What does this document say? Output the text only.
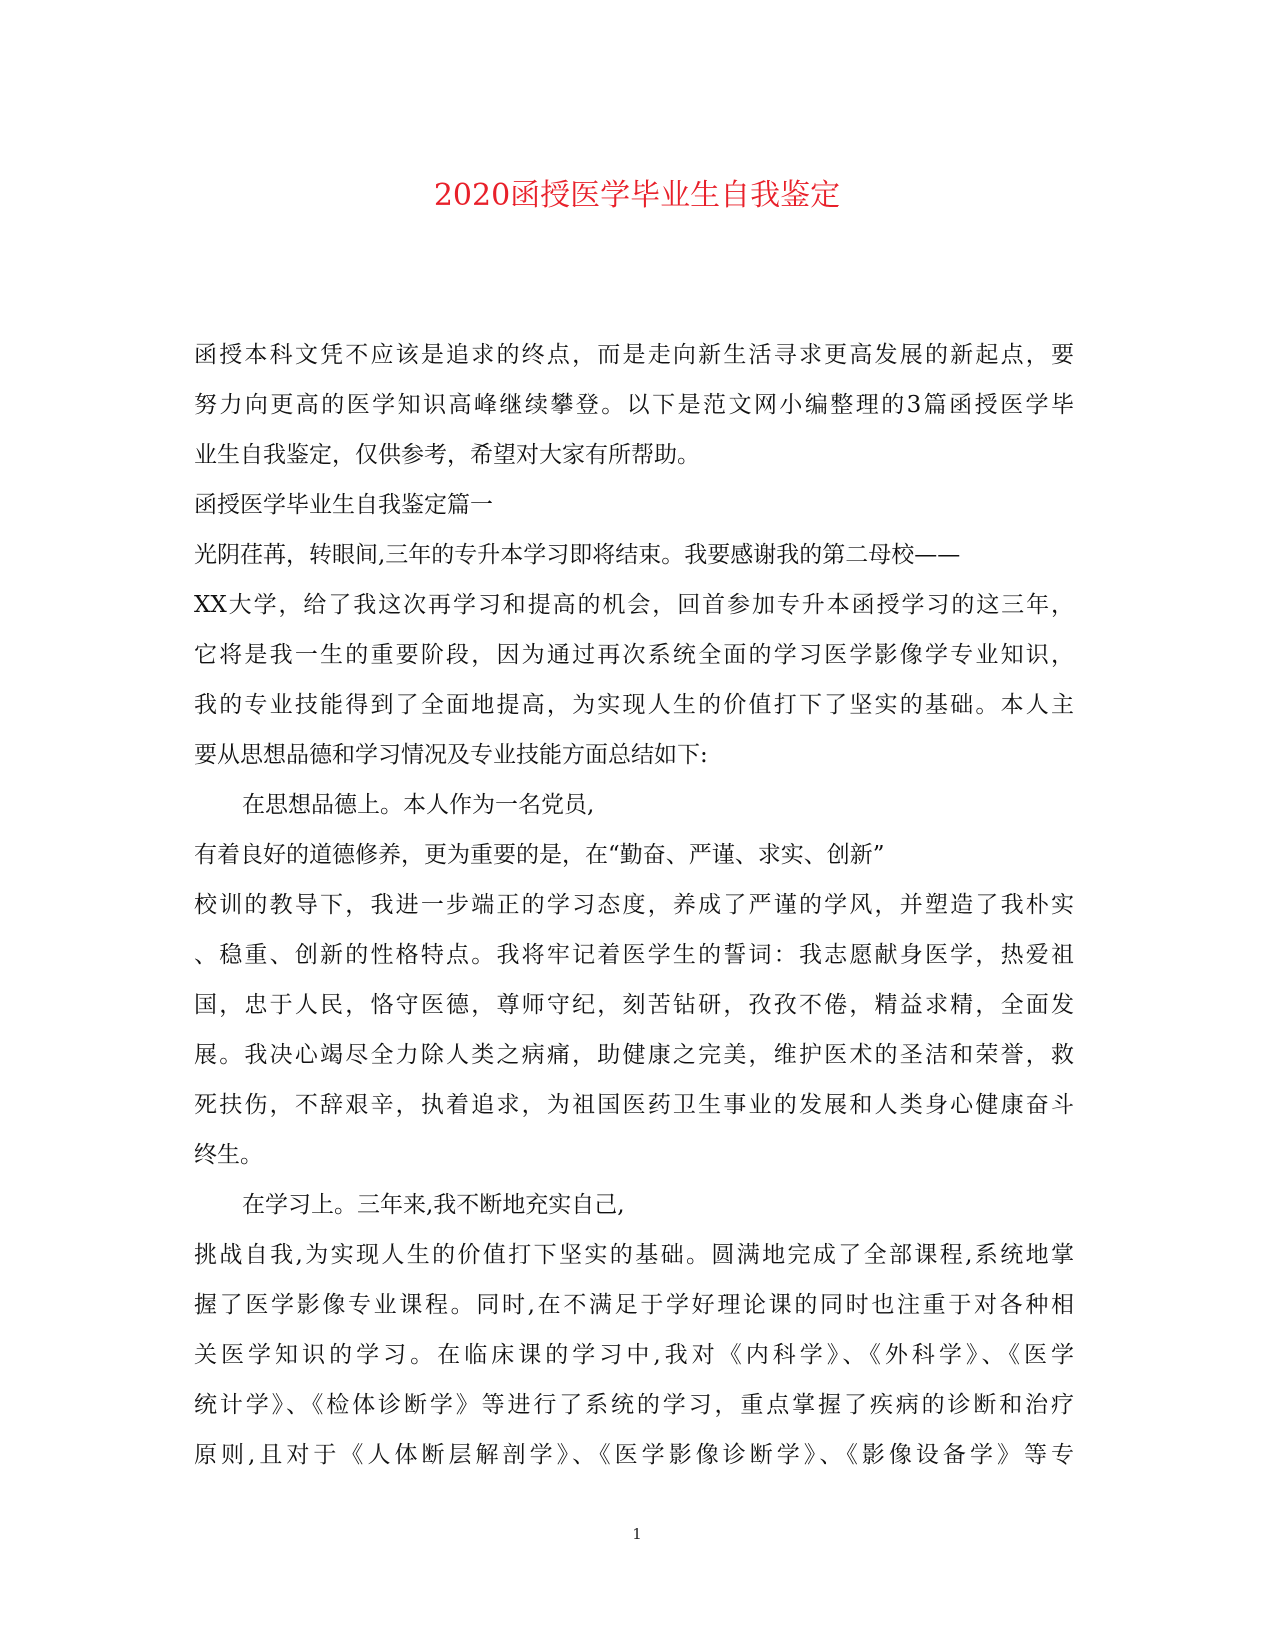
2020函授医学毕业生自我鉴定
函授本科文凭不应该是追求的终点，而是走向新生活寻求更高发展的新起点，要
努力向更高的医学知识高峰继续攀登。以下是范文网小编整理的3篇函授医学毕
业生自我鉴定，仅供参考，希望对大家有所帮助。
函授医学毕业生自我鉴定篇一
光阴荏苒，转眼间,三年的专升本学习即将结束。我要感谢我的第二母校——
XX大学，给了我这次再学习和提高的机会，回首参加专升本函授学习的这三年，
它将是我一生的重要阶段，因为通过再次系统全面的学习医学影像学专业知识，
我的专业技能得到了全面地提高，为实现人生的价值打下了坚实的基础。本人主
要从思想品德和学习情况及专业技能方面总结如下:
在思想品德上。本人作为一名党员,
有着良好的道德修养，更为重要的是，在“勤奋、严谨、求实、创新”
校训的教导下，我进一步端正的学习态度，养成了严谨的学风，并塑造了我朴实
、稳重、创新的性格特点。我将牢记着医学生的誓词：我志愿献身医学，热爱祖
国，忠于人民，恪守医德，尊师守纪，刻苦钻研，孜孜不倦，精益求精，全面发
展。我决心竭尽全力除人类之病痛，助健康之完美，维护医术的圣洁和荣誉，救
死扶伤，不辞艰辛，执着追求，为祖国医药卫生事业的发展和人类身心健康奋斗
终生。
在学习上。三年来,我不断地充实自己,
挑战自我,为实现人生的价值打下坚实的基础。圆满地完成了全部课程,系统地掌
握了医学影像专业课程。同时,在不满足于学好理论课的同时也注重于对各种相
关医学知识的学习。在临床课的学习中,我对《内科学》、《外科学》、《医学
统计学》、《检体诊断学》等进行了系统的学习，重点掌握了疾病的诊断和治疗
原则,且对于《人体断层解剖学》、《医学影像诊断学》、《影像设备学》等专
1
